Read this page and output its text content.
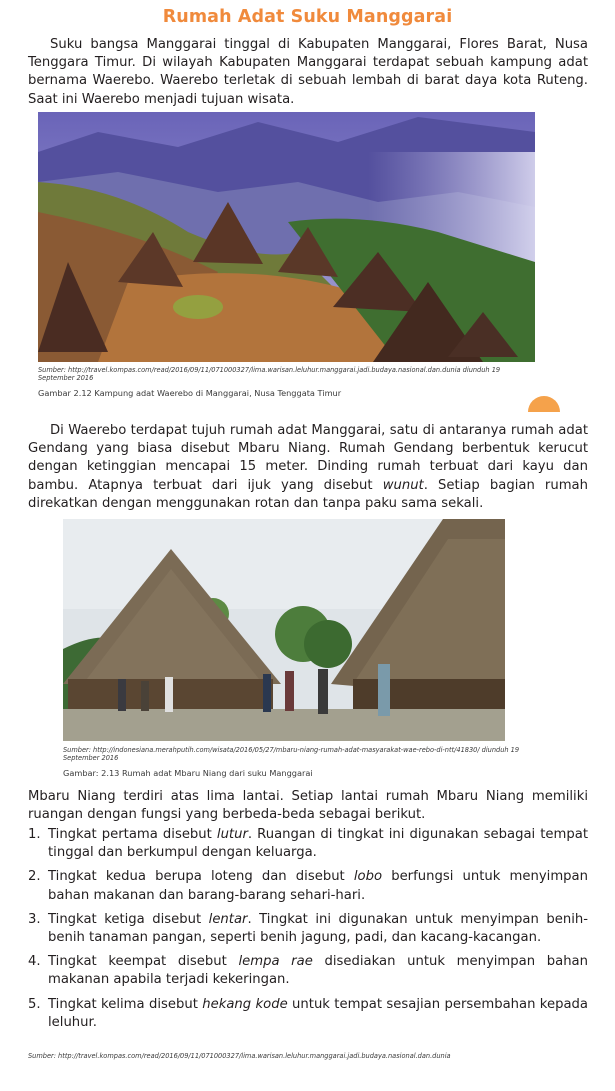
Rumah Adat Suku Manggarai

Suku bangsa Manggarai tinggal di Kabupaten Manggarai, Flores Barat, Nusa Tenggara Timur. Di wilayah Kabupaten Manggarai terdapat sebuah kampung adat bernama Waerebo. Waerebo terletak di sebuah lembah di barat daya kota Ruteng. Saat ini Waerebo menjadi tujuan wisata.

Sumber: http://travel.kompas.com/read/2016/09/11/071000327/lima.warisan.leluhur.manggarai.jadi.budaya.nasional.dan.dunia diunduh 19 September 2016
Gambar 2.12 Kampung adat Waerebo di Manggarai, Nusa Tenggata Timur

Di Waerebo terdapat tujuh rumah adat Manggarai, satu di antaranya rumah adat Gendang yang biasa disebut Mbaru Niang. Rumah Gendang berbentuk kerucut dengan ketinggian mencapai 15 meter. Dinding rumah terbuat dari kayu dan bambu. Atapnya terbuat dari ijuk yang disebut wunut. Setiap bagian rumah direkatkan dengan menggunakan rotan dan tanpa paku sama sekali.

Sumber: http://indonesiana.merahputih.com/wisata/2016/05/27/mbaru-niang-rumah-adat-masyarakat-wae-rebo-di-ntt/41830/ diunduh 19 September 2016
Gambar: 2.13 Rumah adat Mbaru Niang dari suku Manggarai

Mbaru Niang terdiri atas lima lantai. Setiap lantai rumah Mbaru Niang memiliki ruangan dengan fungsi yang berbeda-beda sebagai berikut.

1. Tingkat pertama disebut lutur. Ruangan di tingkat ini digunakan sebagai tempat tinggal dan berkumpul dengan keluarga.
2. Tingkat kedua berupa loteng dan disebut lobo berfungsi untuk menyimpan bahan makanan dan barang-barang sehari-hari.
3. Tingkat ketiga disebut lentar. Tingkat ini digunakan untuk menyimpan benih-benih tanaman pangan, seperti benih jagung, padi, dan kacang-kacangan.
4. Tingkat keempat disebut lempa rae disediakan untuk menyimpan bahan makanan apabila terjadi kekeringan.
5. Tingkat kelima disebut hekang kode untuk tempat sesajian persembahan kepada leluhur.
Sumber: http://travel.kompas.com/read/2016/09/11/071000327/lima.warisan.leluhur.manggarai.jadi.budaya.nasional.dan.dunia
